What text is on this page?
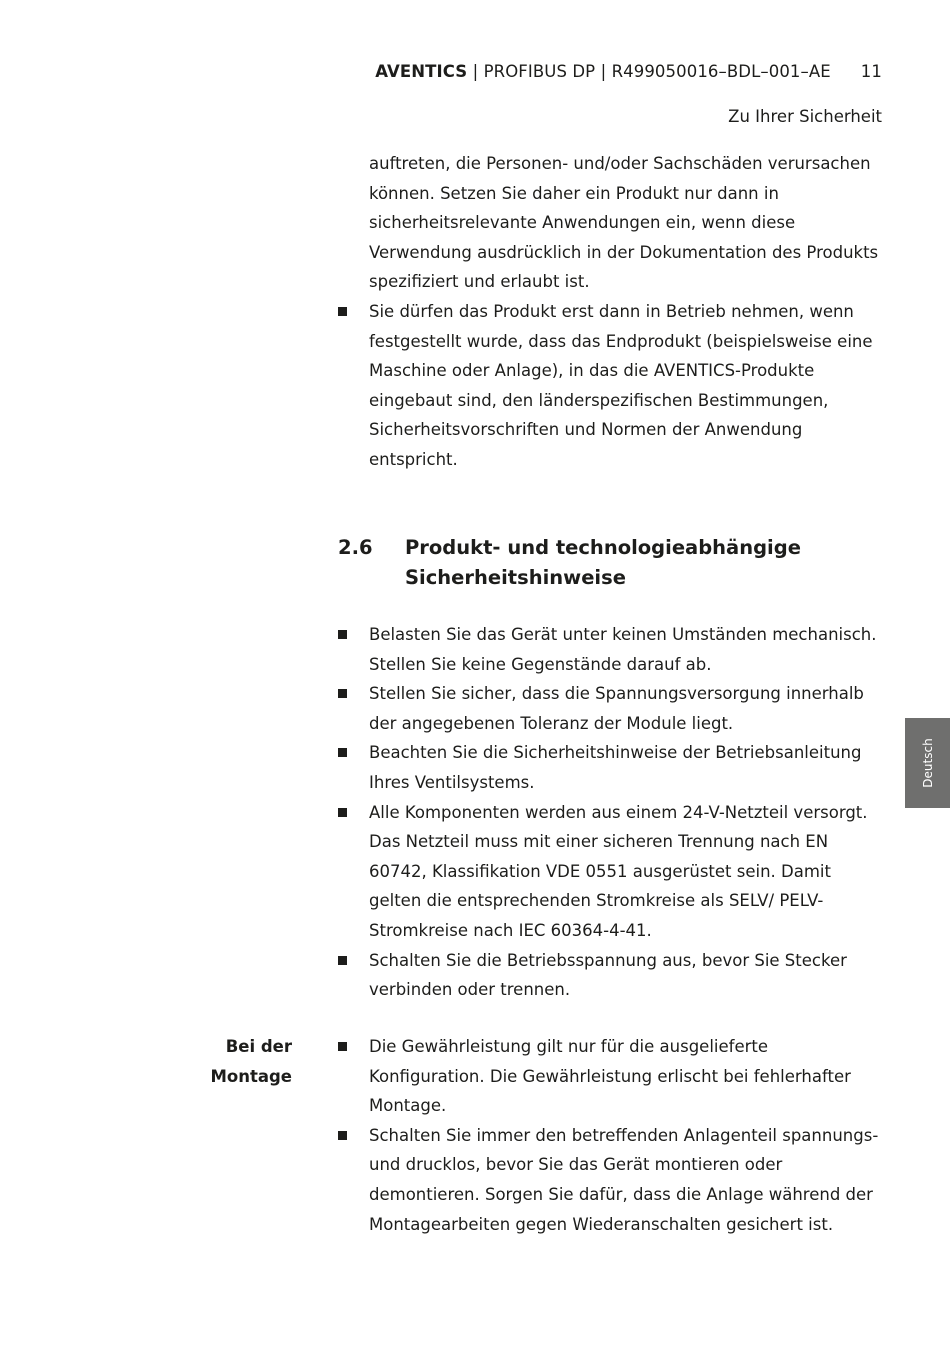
AVENTICS | PROFIBUS DP | R499050016–BDL–001–AE 11
Zu Ihrer Sicherheit

auftreten, die Personen- und/oder Sachschäden verursachen können. Setzen Sie daher ein Produkt nur dann in sicherheitsrelevante Anwendungen ein, wenn diese Verwendung ausdrücklich in der Dokumentation des Produkts spezifiziert und erlaubt ist.

Sie dürfen das Produkt erst dann in Betrieb nehmen, wenn festgestellt wurde, dass das Endprodukt (beispielsweise eine Maschine oder Anlage), in das die AVENTICS-Produkte eingebaut sind, den länderspezifischen Bestimmungen, Sicherheitsvorschriften und Normen der Anwendung entspricht.
2.6	Produkt- und technologieabhängige Sicherheitshinweise
Belasten Sie das Gerät unter keinen Umständen mechanisch. Stellen Sie keine Gegenstände darauf ab.
Stellen Sie sicher, dass die Spannungsversorgung innerhalb der angegebenen Toleranz der Module liegt.
Beachten Sie die Sicherheitshinweise der Betriebsanleitung Ihres Ventilsystems.
Alle Komponenten werden aus einem 24-V-Netzteil versorgt. Das Netzteil muss mit einer sicheren Trennung nach EN 60742, Klassifikation VDE 0551 ausgerüstet sein. Damit gelten die entsprechenden Stromkreise als SELV/ PELV-Stromkreise nach IEC 60364-4-41.
Schalten Sie die Betriebsspannung aus, bevor Sie Stecker verbinden oder trennen.
Bei der
Montage
Die Gewährleistung gilt nur für die ausgelieferte Konfiguration. Die Gewährleistung erlischt bei fehlerhafter Montage.
Schalten Sie immer den betreffenden Anlagenteil spannungs- und drucklos, bevor Sie das Gerät montieren oder demontieren. Sorgen Sie dafür, dass die Anlage während der Montagearbeiten gegen Wiederanschalten gesichert ist.
Deutsch
